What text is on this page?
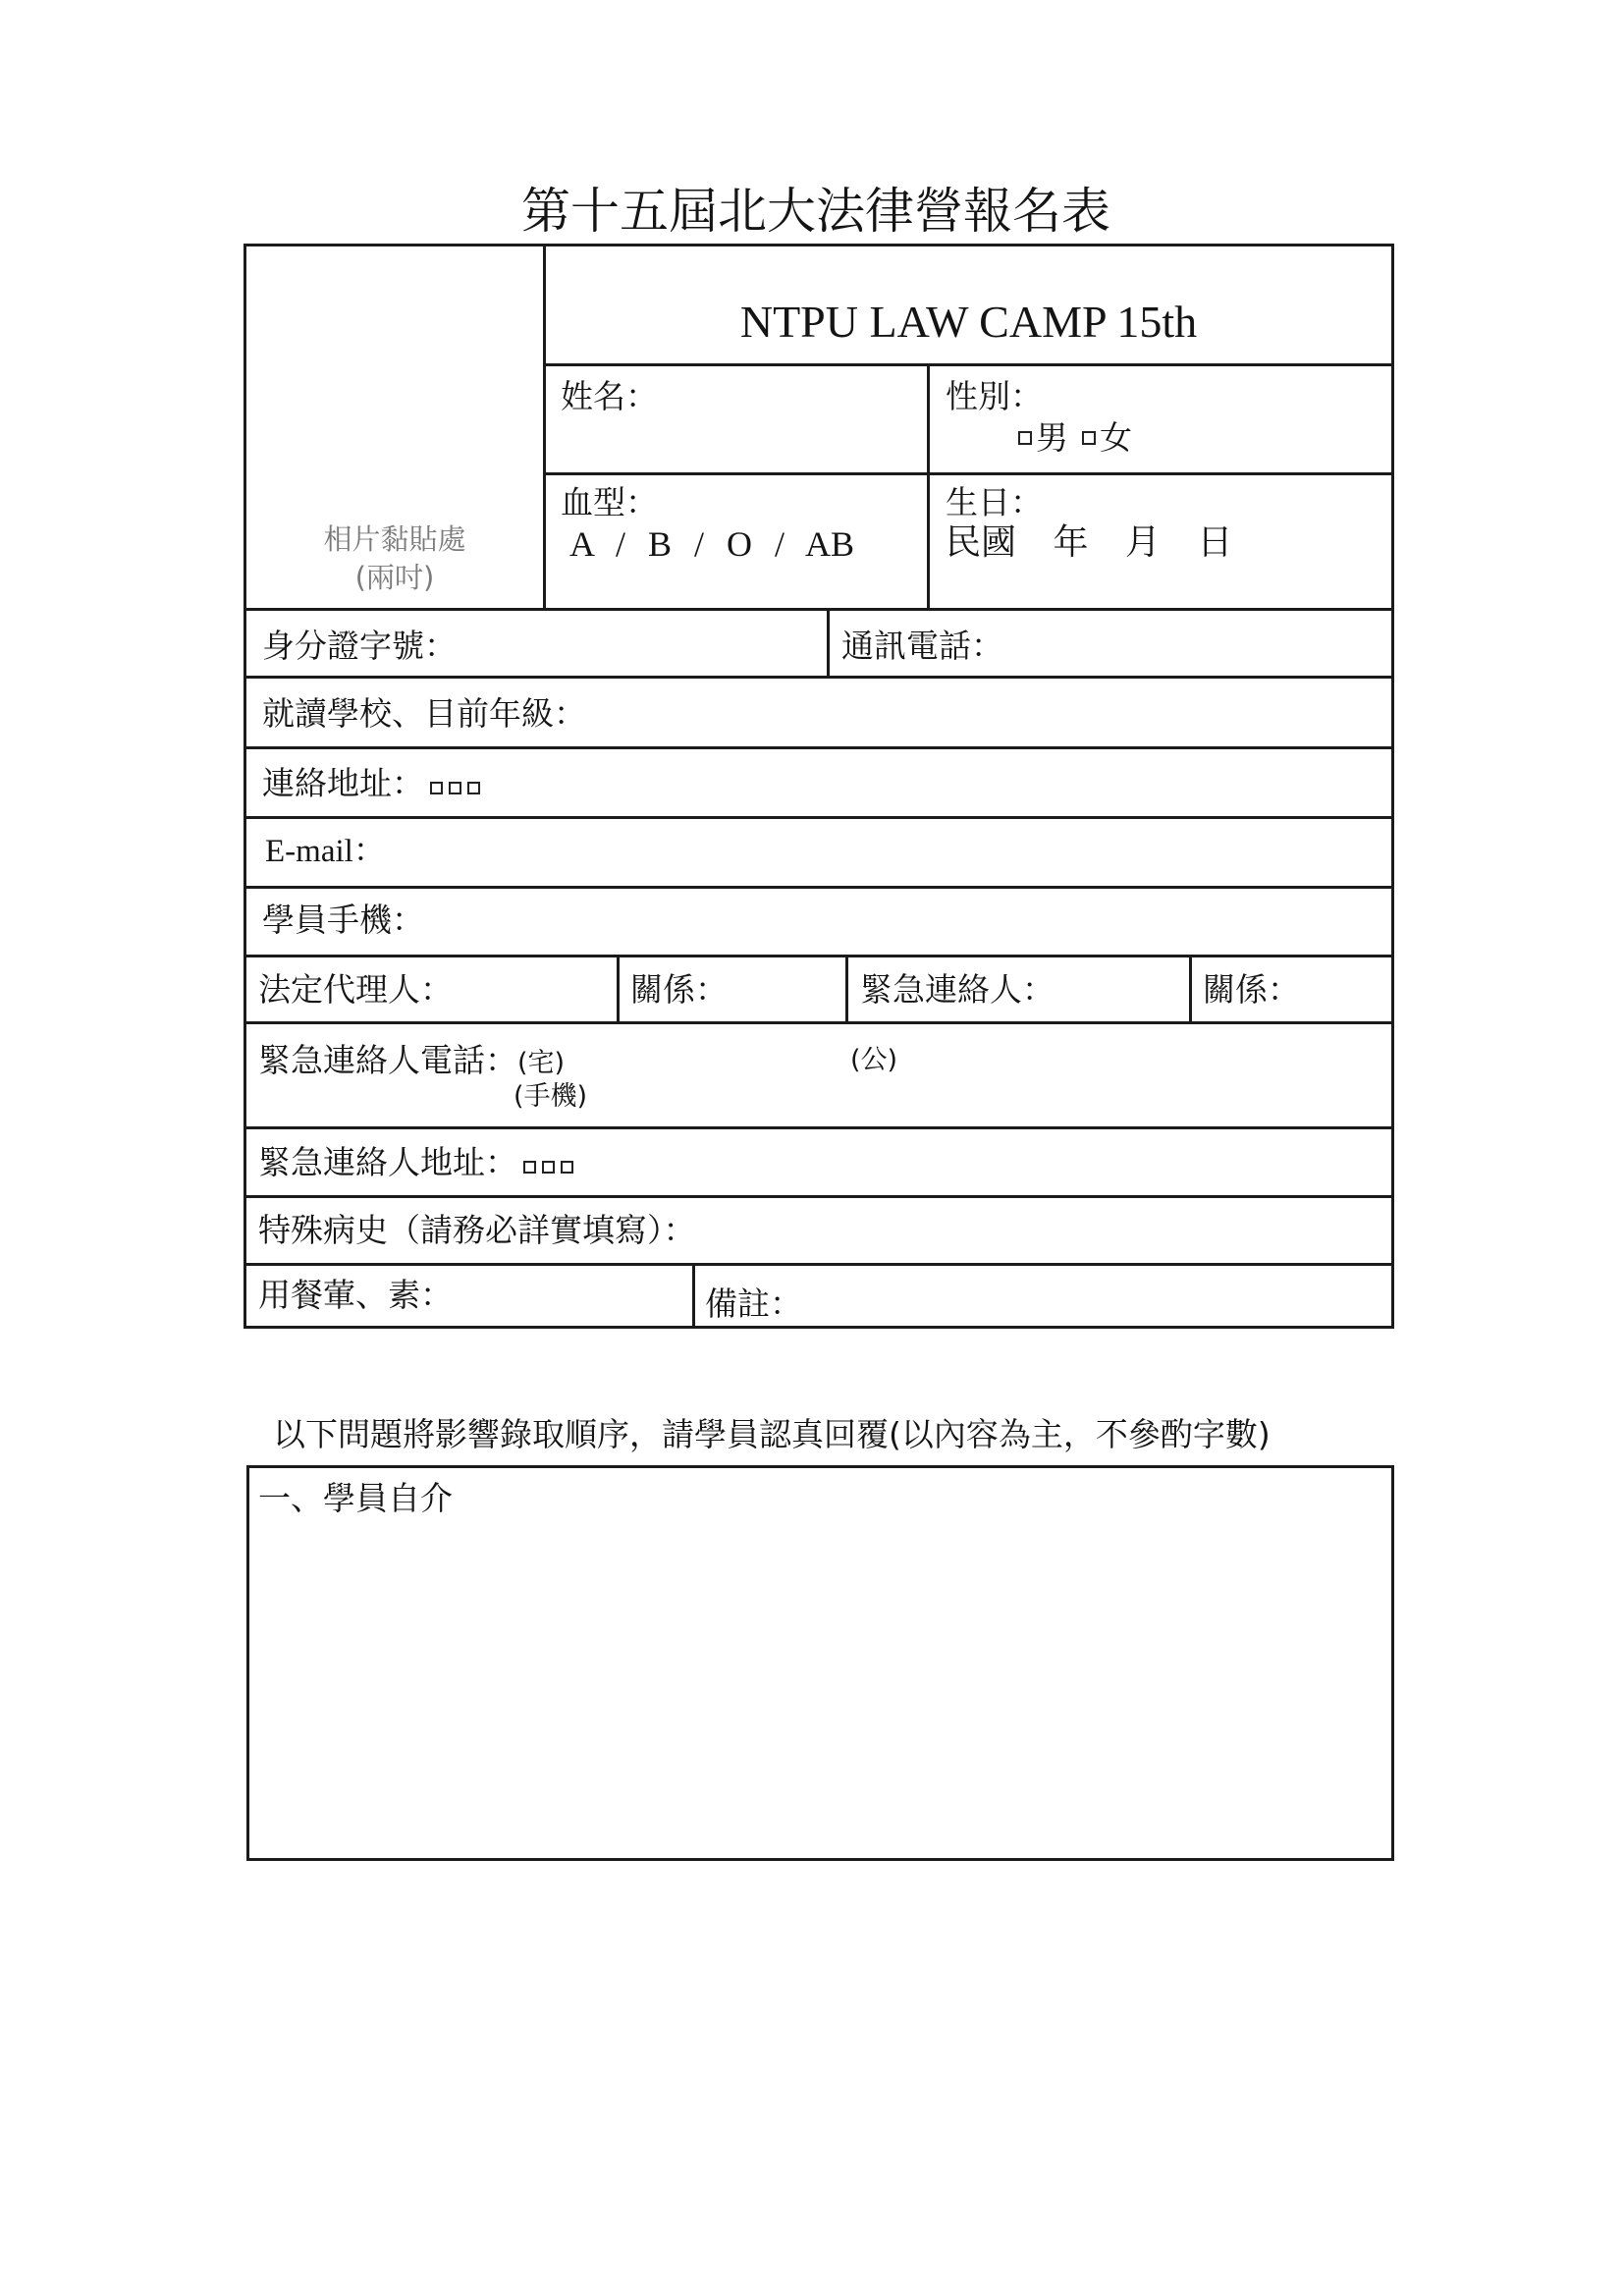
第十五屆北大法律營報名表
相片黏貼處
(兩吋)
NTPU LAW CAMP 15th
姓名：	性別：
男 女
血型：
A / B / O / AB
生日：
民國 年 月 日
身分證字號：	通訊電話：
就讀學校、目前年級：
連絡地址：
E-mail：
學員手機：
法定代理人：	關係：	緊急連絡人：	關係：
緊急連絡人電話：(宅)	(公)
(手機)
緊急連絡人地址：
特殊病史（請務必詳實填寫）：
用餐葷、素：	備註：
以下問題將影響錄取順序，請學員認真回覆(以內容為主，不參酌字數)
一、學員自介
